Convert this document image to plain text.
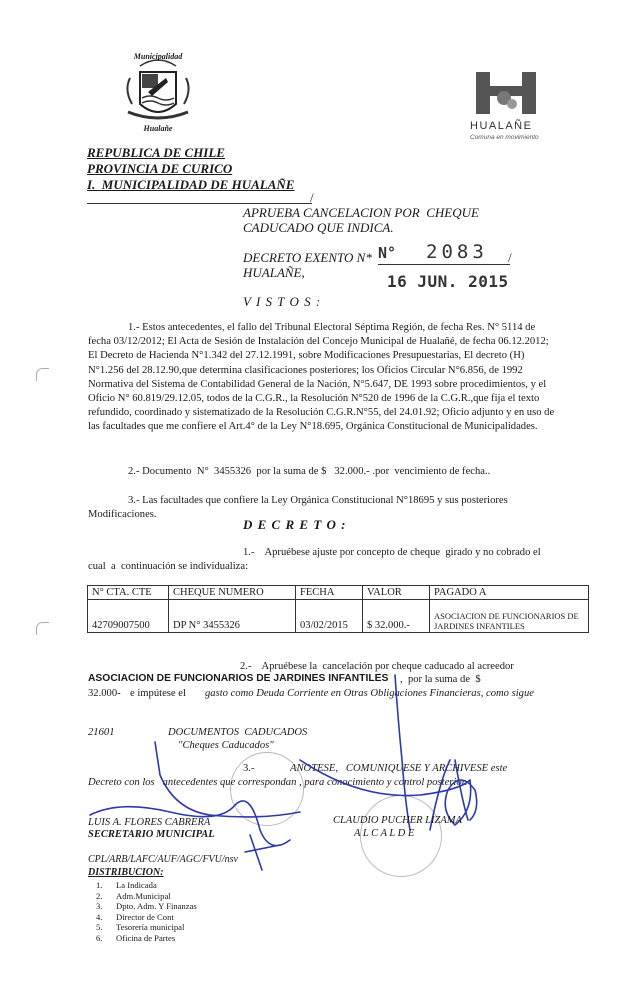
Municipalidad
Hualañe	HUALAÑE
Comuna en movimiento
REPUBLICA DE CHILE
PROVINCIA DE CURICO
I.  MUNICIPALIDAD DE HUALAÑE
/
APRUEBA CANCELACION POR  CHEQUE
CADUCADO QUE INDICA.
DECRETO EXENTO N* N° 2083 /
HUALAÑE,	16 JUN. 2015
V I S T O S :
1.- Estos antecedentes, el fallo del Tribunal Electoral Séptima Región, de fecha Res. N° 5114 de fecha 03/12/2012; El Acta de Sesión de Instalación del Concejo Municipal de Hualañé, de fecha 06.12.2012; El Decreto de Hacienda N°1.342 del 27.12.1991, sobre Modificaciones Presupuestarias, El decreto (H) N°1.256 del 28.12.90,que determina clasificaciones posteriores; los Oficios Circular N°6.856, de 1992 Normativa del Sistema de Contabilidad General de la Nación, N°5.647, DE 1993 sobre procedimientos, y el Oficio N° 60.819/29.12.05, todos de la C.G.R., la Resolución N°520 de 1996 de la C.G.R.,que fija el texto refundido, coordinado y sistematizado de la Resolución C.G.R.N°55, del 24.01.92; Oficio adjunto y en uso de las facultades que me confiere el Art.4° de la Ley N°18.695, Orgánica Constitucional de Municipalidades.
2.- Documento  N°  3455326  por la suma de $   32.000.- .por  vencimiento de fecha..
3.- Las facultades que confiere la Ley Orgánica Constitucional N°18695 y sus posteriores Modificaciones.
D E C R E T O :
1.-    Apruébese ajuste por concepto de cheque  girado y no cobrado el cual  a  continuación se individualiza:
N° CTA. CTE	CHEQUE NUMERO	FECHA	VALOR	PAGADO A
42709007500	DP N° 3455326	03/02/2015	$ 32.000.-	ASOCIACION DE FUNCIONARIOS DE JARDINES INFANTILES
2.-    Apruébese la  cancelación por cheque caducado al acreedor
ASOCIACION DE FUNCIONARIOS DE JARDINES INFANTILES ,  por la suma de  $
32.000- e impútese el gasto como Deuda Corriente en Otras Obligaciones Financieras, como sigue
21601	DOCUMENTOS  CADUCADOS
"Cheques Caducados"
3.-	ANOTESE,   COMUNIQUESE Y ARCHIVESE este
Decreto con los   antecedentes que correspondan , para conocimiento y control posterior.
LUIS A. FLORES CABRERA
SECRETARIO MUNICIPAL
CLAUDIO PUCHER LIZAMA
A L C A L D E
CPL/ARB/LAFC/AUF/AGC/FVU/nsv
DISTRIBUCION:
1.	La Indicada
2.	Adm.Municipal
3.	Dpto. Adm. Y Finanzas
4.	Director de Cont
5.	Tesorería municipal
6.	Oficina de Partes
